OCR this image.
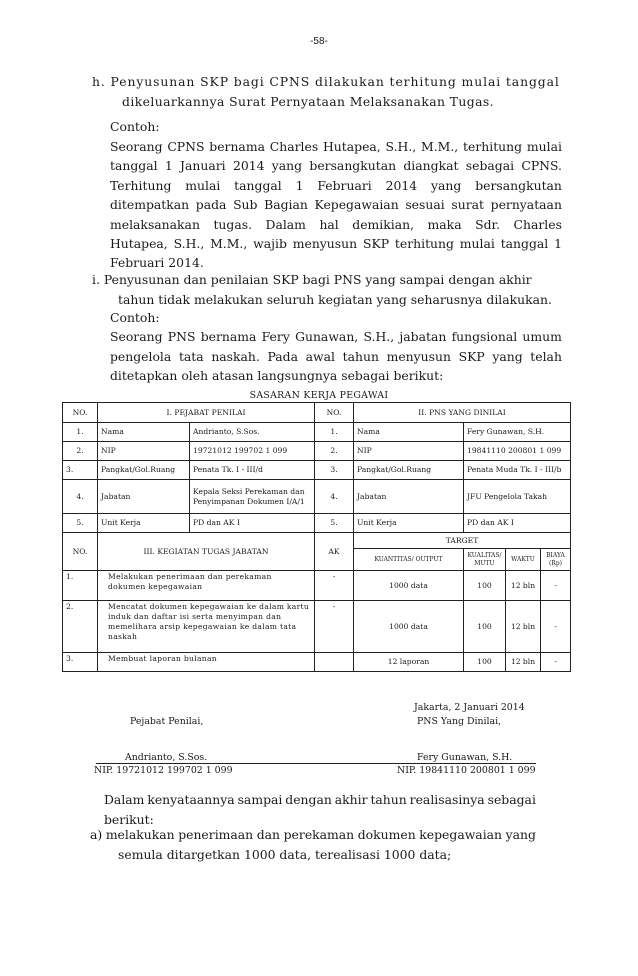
-58-
h. Penyusunan SKP bagi CPNS dilakukan terhitung mulai tanggal
dikeluarkannya Surat Pernyataan Melaksanakan Tugas.
Contoh:
Seorang CPNS bernama Charles Hutapea, S.H., M.M., terhitung mulai
tanggal 1 Januari 2014 yang bersangkutan diangkat sebagai CPNS.
Terhitung mulai tanggal 1 Februari 2014 yang bersangkutan
ditempatkan pada Sub Bagian Kepegawaian sesuai surat pernyataan
melaksanakan tugas. Dalam hal demikian, maka Sdr. Charles
Hutapea, S.H., M.M., wajib menyusun SKP terhitung mulai tanggal 1
Februari 2014.
i. Penyusunan dan penilaian SKP bagi PNS yang sampai dengan akhir
tahun tidak melakukan seluruh kegiatan yang seharusnya dilakukan.
Contoh:
Seorang PNS bernama Fery Gunawan, S.H., jabatan fungsional umum
pengelola tata naskah. Pada awal tahun menyusun SKP yang telah
ditetapkan oleh atasan langsungnya sebagai berikut:
SASARAN KERJA PEGAWAI
NO.	I. PEJABAT PENILAI		NO.	II. PNS YANG DINILAI			
1.	Nama	Andrianto, S.Sos.	1.	Nama	Fery Gunawan, S.H.		
2.	NIP	19721012 199702 1 099	2.	NIP	19841110 200801 1 099		
3.	Pangkat/Gol.Ruang	Penata Tk. I - III/d	3.	Pangkat/Gol.Ruang	Penata Muda Tk. I - III/b		
4.	Jabatan	Kepala Seksi Perekaman dan Penyimpanan Dokumen I/A/1	4.	Jabatan	JFU Pengelola Takah		
5.	Unit Kerja	PD dan AK I	5.	Unit Kerja	PD dan AK I		
NO.	III. KEGIATAN TUGAS JABATAN		AK	TARGET			
				KUANTITAS/ OUTPUT	KUALITAS/ MUTU	WAKTU	BIAYA (Rp)
1.	Melakukan penerimaan dan perekaman dokumen kepegawaian		-	1000 data	100	12 bln	-
2.	Mencatat dokumen kepegawaian ke dalam kartu induk dan daftar isi serta menyimpan dan memelihara arsip kepegawaian ke dalam tata naskah		-	1000 data	100	12 bln	-
3.	Membuat laporan bulanan			12 laporan	100	12 bln	-
Jakarta, 2 Januari 2014
Pejabat Penilai,	PNS Yang Dinilai,
Andrianto, S.Sos.	Fery Gunawan, S.H.
NIP. 19721012 199702 1 099	NIP. 19841110 200801 1 099
Dalam kenyataannya sampai dengan akhir tahun realisasinya sebagai
berikut:
a) melakukan penerimaan dan perekaman dokumen kepegawaian yang
semula ditargetkan 1000 data, terealisasi 1000 data;
